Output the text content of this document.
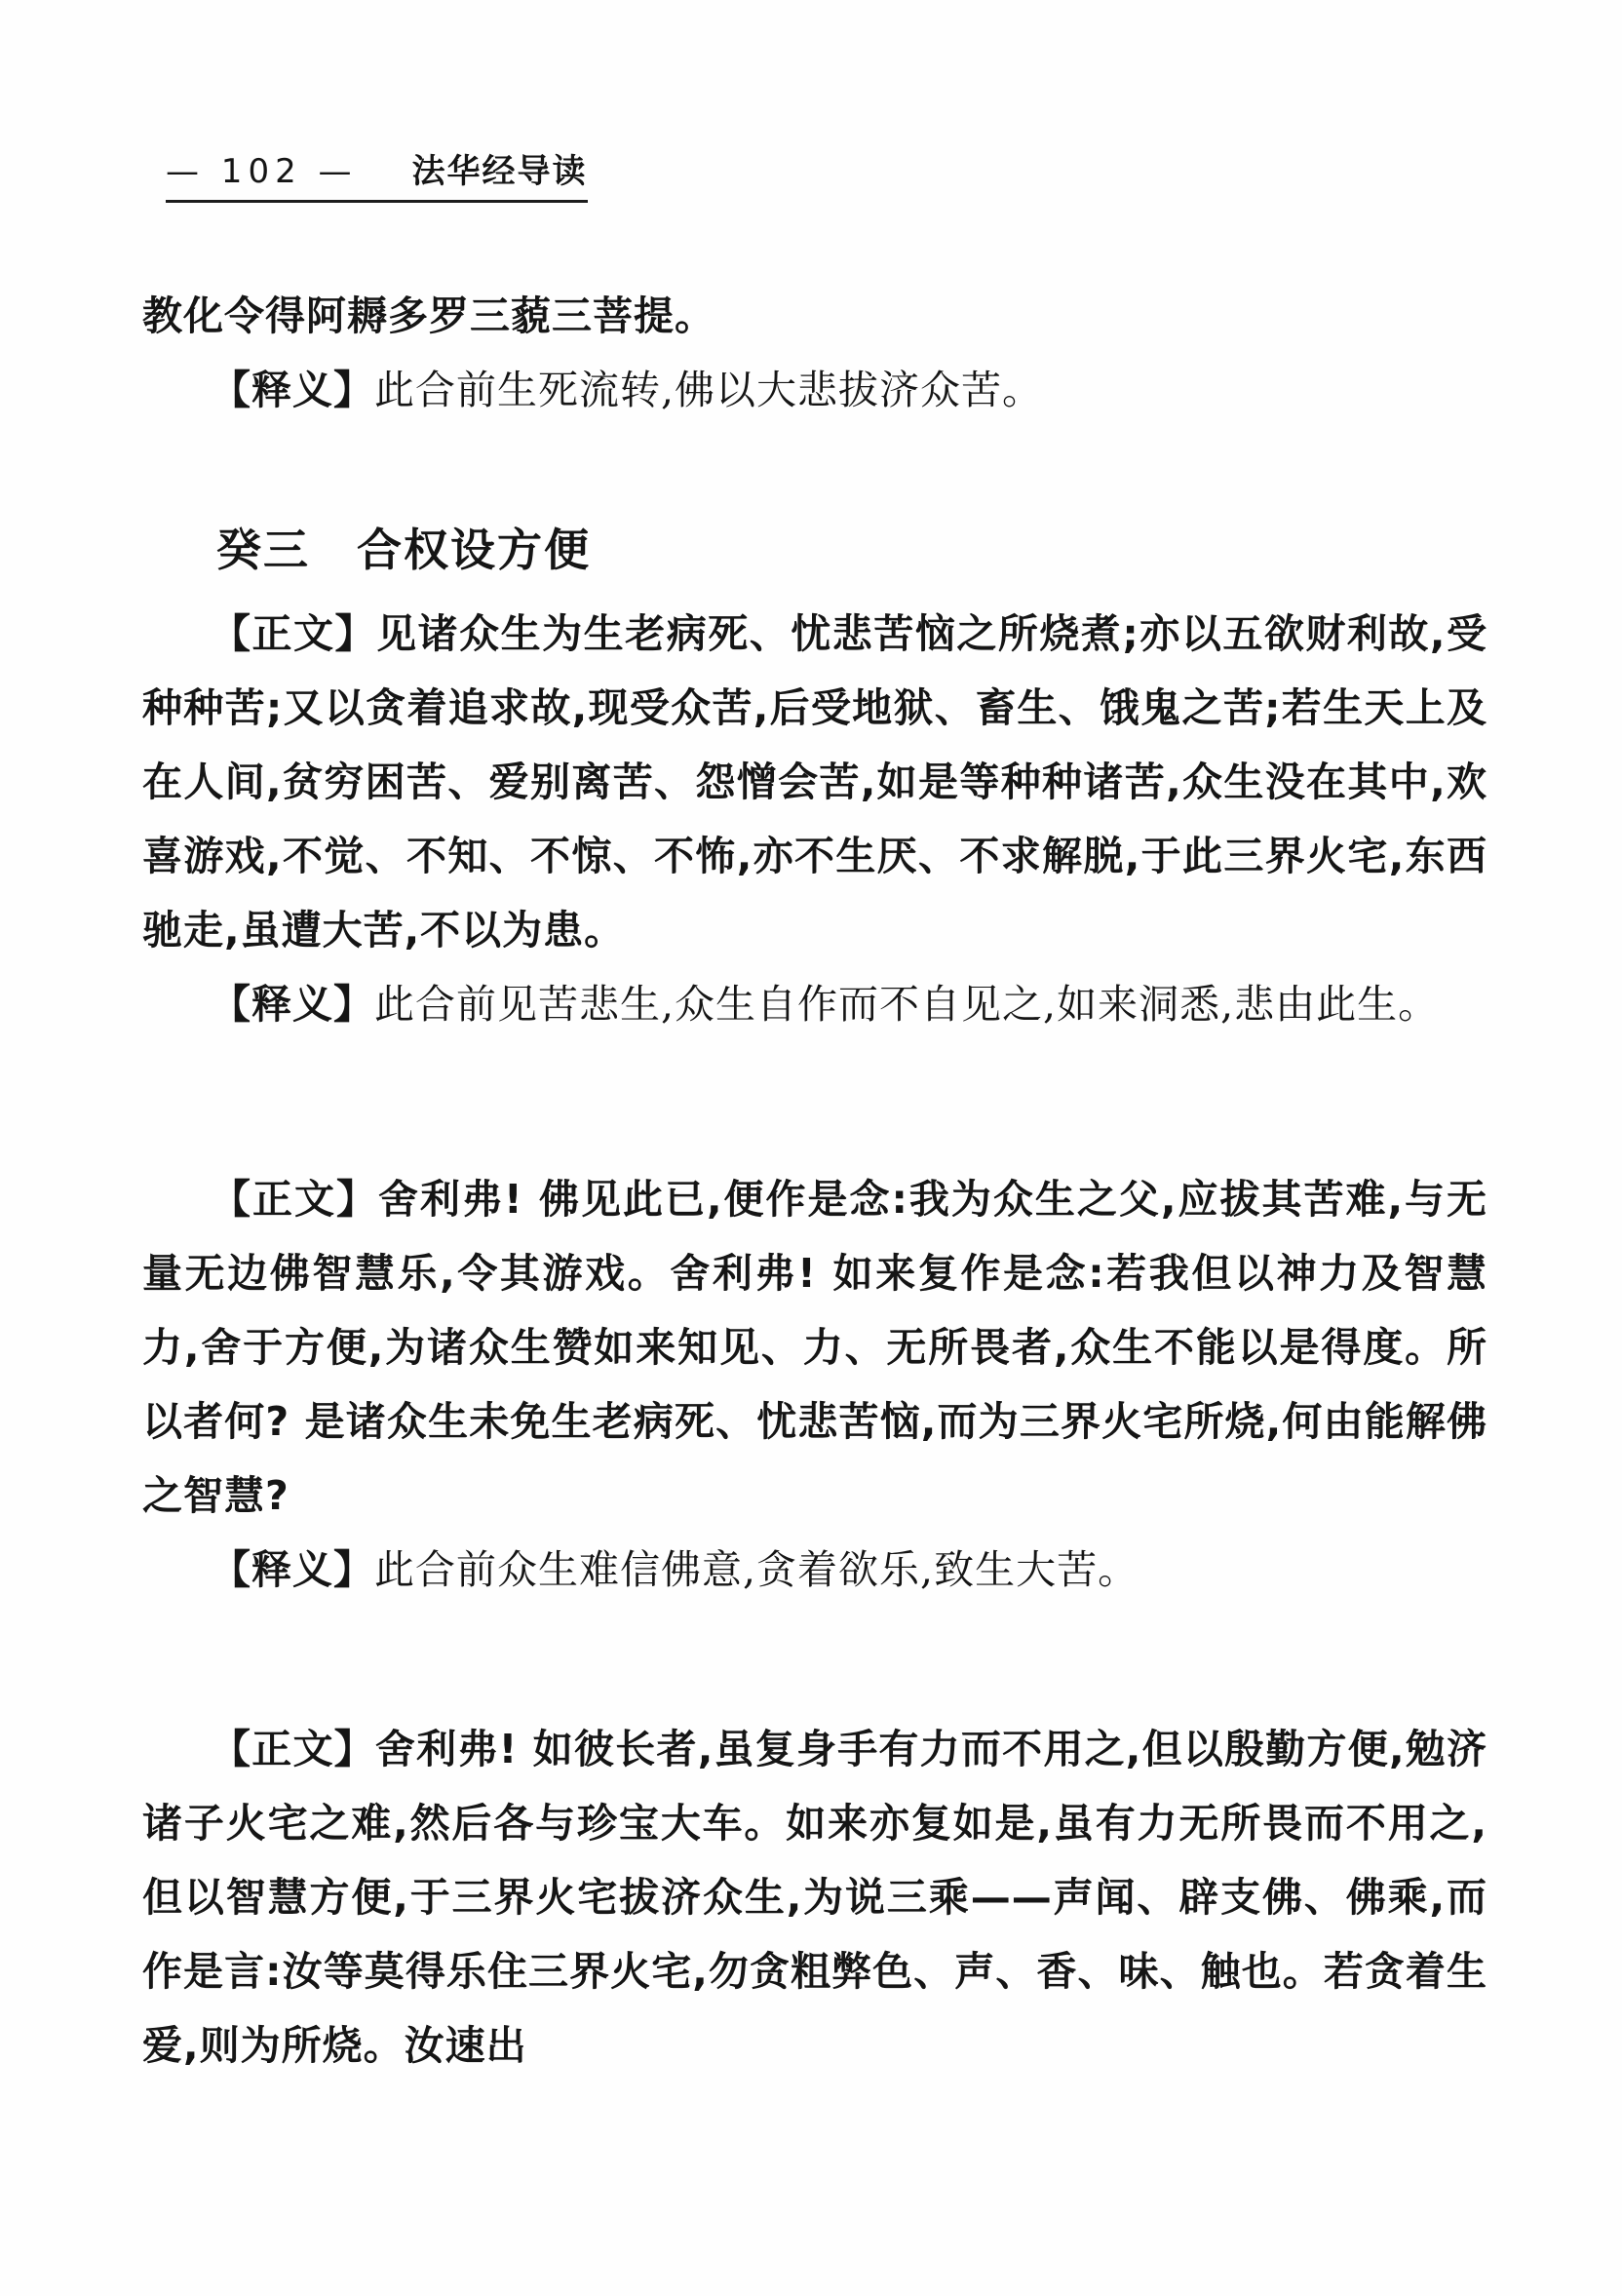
— 102 — 法华经导读

教化令得阿耨多罗三藐三菩提。

【释义】此合前生死流转,佛以大悲拔济众苦。

癸三 合权设方便

【正文】见诸众生为生老病死、忧悲苦恼之所烧煮;亦以五欲财利故,受种种苦;又以贪着追求故,现受众苦,后受地狱、畜生、饿鬼之苦;若生天上及在人间,贫穷困苦、爱别离苦、怨憎会苦,如是等种种诸苦,众生没在其中,欢喜游戏,不觉、不知、不惊、不怖,亦不生厌、不求解脱,于此三界火宅,东西驰走,虽遭大苦,不以为患。

【释义】此合前见苦悲生,众生自作而不自见之,如来洞悉,悲由此生。

【正文】舍利弗! 佛见此已,便作是念:我为众生之父,应拔其苦难,与无量无边佛智慧乐,令其游戏。舍利弗! 如来复作是念:若我但以神力及智慧力,舍于方便,为诸众生赞如来知见、力、无所畏者,众生不能以是得度。所以者何? 是诸众生未免生老病死、忧悲苦恼,而为三界火宅所烧,何由能解佛之智慧?

【释义】此合前众生难信佛意,贪着欲乐,致生大苦。

【正文】舍利弗! 如彼长者,虽复身手有力而不用之,但以殷勤方便,勉济诸子火宅之难,然后各与珍宝大车。如来亦复如是,虽有力无所畏而不用之,但以智慧方便,于三界火宅拔济众生,为说三乘——声闻、辟支佛、佛乘,而作是言:汝等莫得乐住三界火宅,勿贪粗弊色、声、香、味、触也。若贪着生爱,则为所烧。汝速出
